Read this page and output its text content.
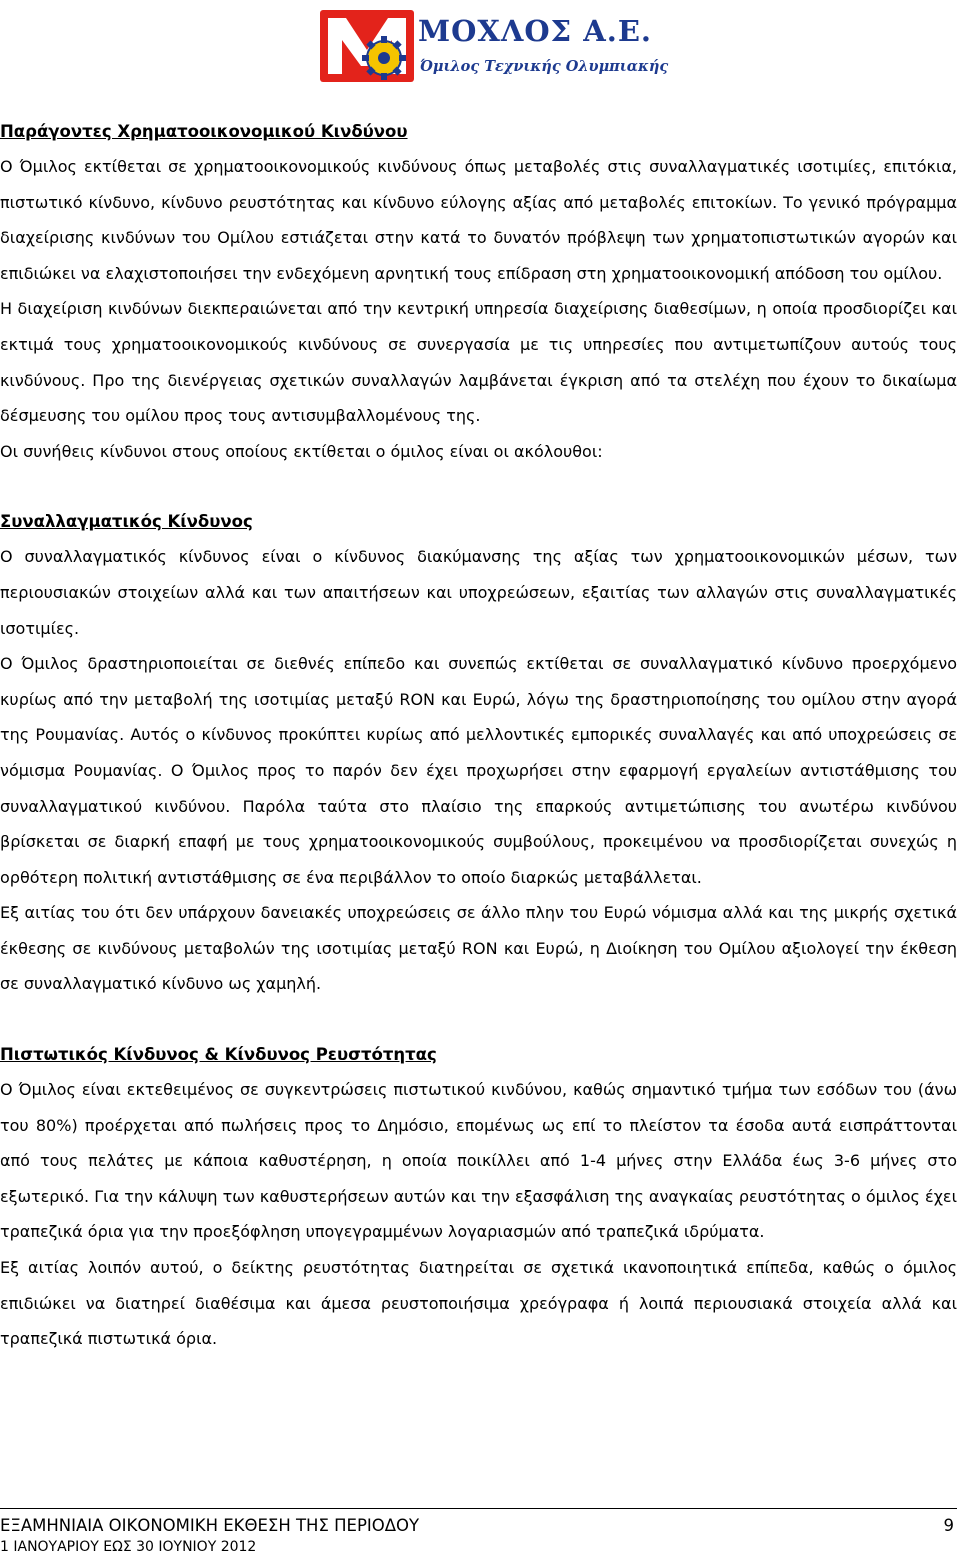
ΜΟΧΛΟΣ Α.Ε.
Όμιλος Τεχνικής Ολυμπιακής
Παράγοντες Χρηματοοικονομικού Κινδύνου

Ο Όμιλος εκτίθεται σε χρηματοοικονομικούς κινδύνους όπως μεταβολές στις συναλλαγματικές ισοτιμίες, επιτόκια, πιστωτικό κίνδυνο, κίνδυνο ρευστότητας και κίνδυνο εύλογης αξίας από μεταβολές επιτοκίων. Το γενικό πρόγραμμα διαχείρισης κινδύνων του Ομίλου εστιάζεται στην κατά το δυνατόν πρόβλεψη των χρηματοπιστωτικών αγορών και επιδιώκει να ελαχιστοποιήσει την ενδεχόμενη αρνητική τους επίδραση στη χρηματοοικονομική απόδοση του ομίλου.

Η διαχείριση κινδύνων διεκπεραιώνεται από την κεντρική υπηρεσία διαχείρισης διαθεσίμων, η οποία προσδιορίζει και εκτιμά τους χρηματοοικονομικούς κινδύνους σε συνεργασία με τις υπηρεσίες που αντιμετωπίζουν αυτούς τους κινδύνους. Προ της διενέργειας σχετικών συναλλαγών λαμβάνεται έγκριση από τα στελέχη που έχουν το δικαίωμα δέσμευσης του ομίλου προς τους αντισυμβαλλομένους της.

Οι συνήθεις κίνδυνοι στους οποίους εκτίθεται ο όμιλος είναι οι ακόλουθοι:

Συναλλαγματικός Κίνδυνος

Ο συναλλαγματικός κίνδυνος είναι ο κίνδυνος διακύμανσης της αξίας των χρηματοοικονομικών μέσων, των περιουσιακών στοιχείων αλλά και των απαιτήσεων και υποχρεώσεων, εξαιτίας των αλλαγών στις συναλλαγματικές ισοτιμίες.

Ο Όμιλος δραστηριοποιείται σε διεθνές επίπεδο και συνεπώς εκτίθεται σε συναλλαγματικό κίνδυνο προερχόμενο κυρίως από την μεταβολή της ισοτιμίας μεταξύ RON και Ευρώ, λόγω της δραστηριοποίησης του ομίλου στην αγορά της Ρουμανίας. Αυτός ο κίνδυνος προκύπτει κυρίως από μελλοντικές εμπορικές συναλλαγές και από υποχρεώσεις σε νόμισμα Ρουμανίας. Ο Όμιλος προς το παρόν δεν έχει προχωρήσει στην εφαρμογή εργαλείων αντιστάθμισης του συναλλαγματικού κινδύνου. Παρόλα ταύτα στο πλαίσιο της επαρκούς αντιμετώπισης του ανωτέρω κινδύνου βρίσκεται σε διαρκή επαφή με τους χρηματοοικονομικούς συμβούλους, προκειμένου να προσδιορίζεται συνεχώς η ορθότερη πολιτική αντιστάθμισης σε ένα περιβάλλον το οποίο διαρκώς μεταβάλλεται.

Εξ αιτίας του ότι δεν υπάρχουν δανειακές υποχρεώσεις σε άλλο πλην του Ευρώ νόμισμα αλλά και της μικρής σχετικά έκθεσης σε κινδύνους μεταβολών της ισοτιμίας μεταξύ RON και Ευρώ, η Διοίκηση του Ομίλου αξιολογεί την έκθεση σε συναλλαγματικό κίνδυνο ως χαμηλή.

Πιστωτικός Κίνδυνος & Κίνδυνος Ρευστότητας

Ο Όμιλος είναι εκτεθειμένος σε συγκεντρώσεις πιστωτικού κινδύνου, καθώς σημαντικό τμήμα των εσόδων του (άνω του 80%) προέρχεται από πωλήσεις προς το Δημόσιο, επομένως ως επί το πλείστον τα έσοδα αυτά εισπράττονται από τους πελάτες με κάποια καθυστέρηση, η οποία ποικίλλει από 1-4 μήνες στην Ελλάδα έως 3-6 μήνες στο εξωτερικό. Για την κάλυψη των καθυστερήσεων αυτών και την εξασφάλιση της αναγκαίας ρευστότητας ο όμιλος έχει τραπεζικά όρια για την προεξόφληση υπογεγραμμένων λογαριασμών από τραπεζικά ιδρύματα.

Εξ αιτίας λοιπόν αυτού, ο δείκτης ρευστότητας διατηρείται σε σχετικά ικανοποιητικά επίπεδα, καθώς ο όμιλος επιδιώκει να διατηρεί διαθέσιμα και άμεσα ρευστοποιήσιμα χρεόγραφα ή λοιπά περιουσιακά στοιχεία αλλά και τραπεζικά πιστωτικά όρια.

ΕΞΑΜΗΝΙΑΙΑ ΟΙΚΟΝΟΜΙΚΗ ΕΚΘΕΣΗ ΤΗΣ ΠΕΡΙΟΔΟΥ
1 ΙΑΝΟΥΑΡΙΟΥ ΕΩΣ 30 ΙΟΥΝΙΟΥ 2012
9
